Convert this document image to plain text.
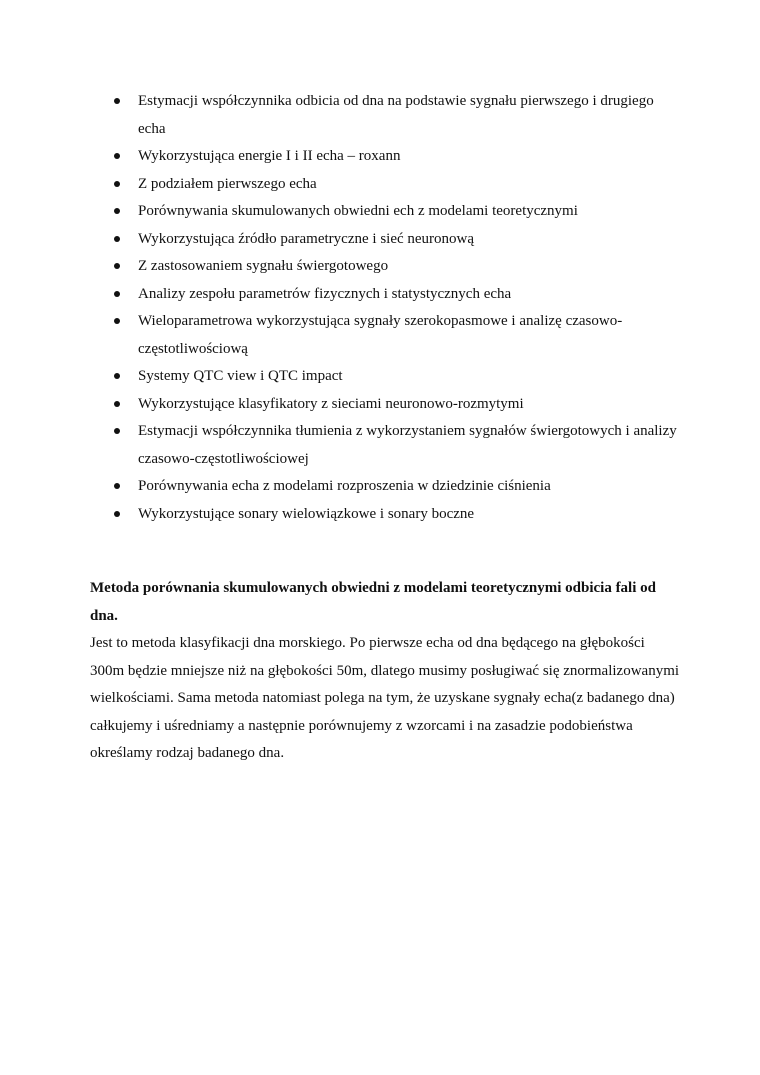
Estymacji współczynnika odbicia od dna na podstawie sygnału pierwszego i drugiego echa
Wykorzystująca energie I i II echa – roxann
Z podziałem pierwszego echa
Porównywania skumulowanych obwiedni ech z modelami teoretycznymi
Wykorzystująca źródło parametryczne i sieć neuronową
Z zastosowaniem sygnału świergotowego
Analizy zespołu parametrów fizycznych i statystycznych echa
Wieloparametrowa wykorzystująca sygnały szerokopasmowe i analizę czasowo-częstotliwościową
Systemy QTC view i QTC impact
Wykorzystujące klasyfikatory z sieciami neuronowo-rozmytymi
Estymacji współczynnika tłumienia z wykorzystaniem sygnałów świergotowych i analizy czasowo-częstotliwościowej
Porównywania echa z modelami rozproszenia w dziedzinie ciśnienia
Wykorzystujące sonary wielowiązkowe i sonary boczne

Metoda porównania skumulowanych obwiedni z modelami teoretycznymi odbicia fali od dna.

Jest to metoda klasyfikacji dna morskiego. Po pierwsze echa od dna będącego na głębokości 300m będzie mniejsze niż na głębokości 50m, dlatego musimy posługiwać się znormalizowanymi wielkościami. Sama metoda natomiast polega na tym, że uzyskane sygnały echa(z badanego dna) całkujemy i uśredniamy a następnie porównujemy z wzorcami i na zasadzie podobieństwa określamy rodzaj badanego dna.
